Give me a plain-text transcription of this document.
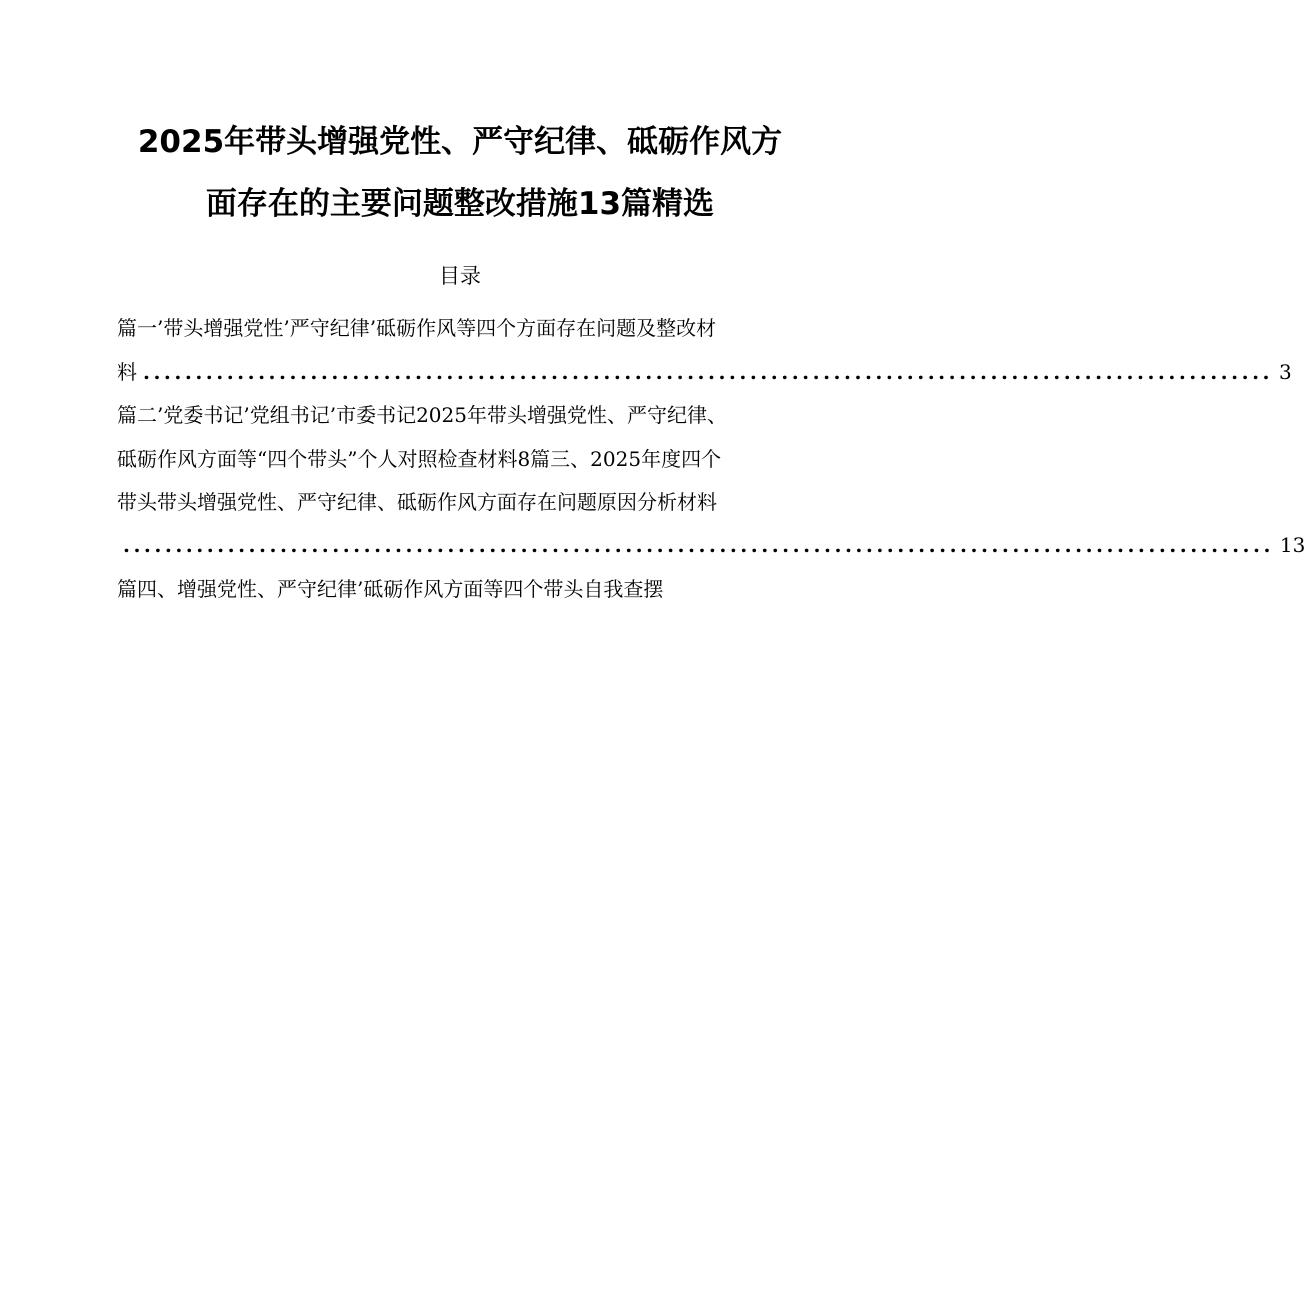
2025年带头增强党性、严守纪律、砥砺作风方
面存在的主要问题整改措施13篇精选
目录
篇一’带头增强党性’严守纪律’砥砺作风等四个方面存在问题及整改材
料 ............................................................................................................ 3
篇二’党委书记’党组书记’市委书记2025年带头增强党性、严守纪律、
砥砺作风方面等“四个带头”个人对照检查材料8篇三、2025年度四个
带头带头增强党性、严守纪律、砥砺作风方面存在问题原因分析材料
.............................................................................................................. 13
篇四、增强党性、严守纪律’砥砺作风方面等四个带头自我查摆
